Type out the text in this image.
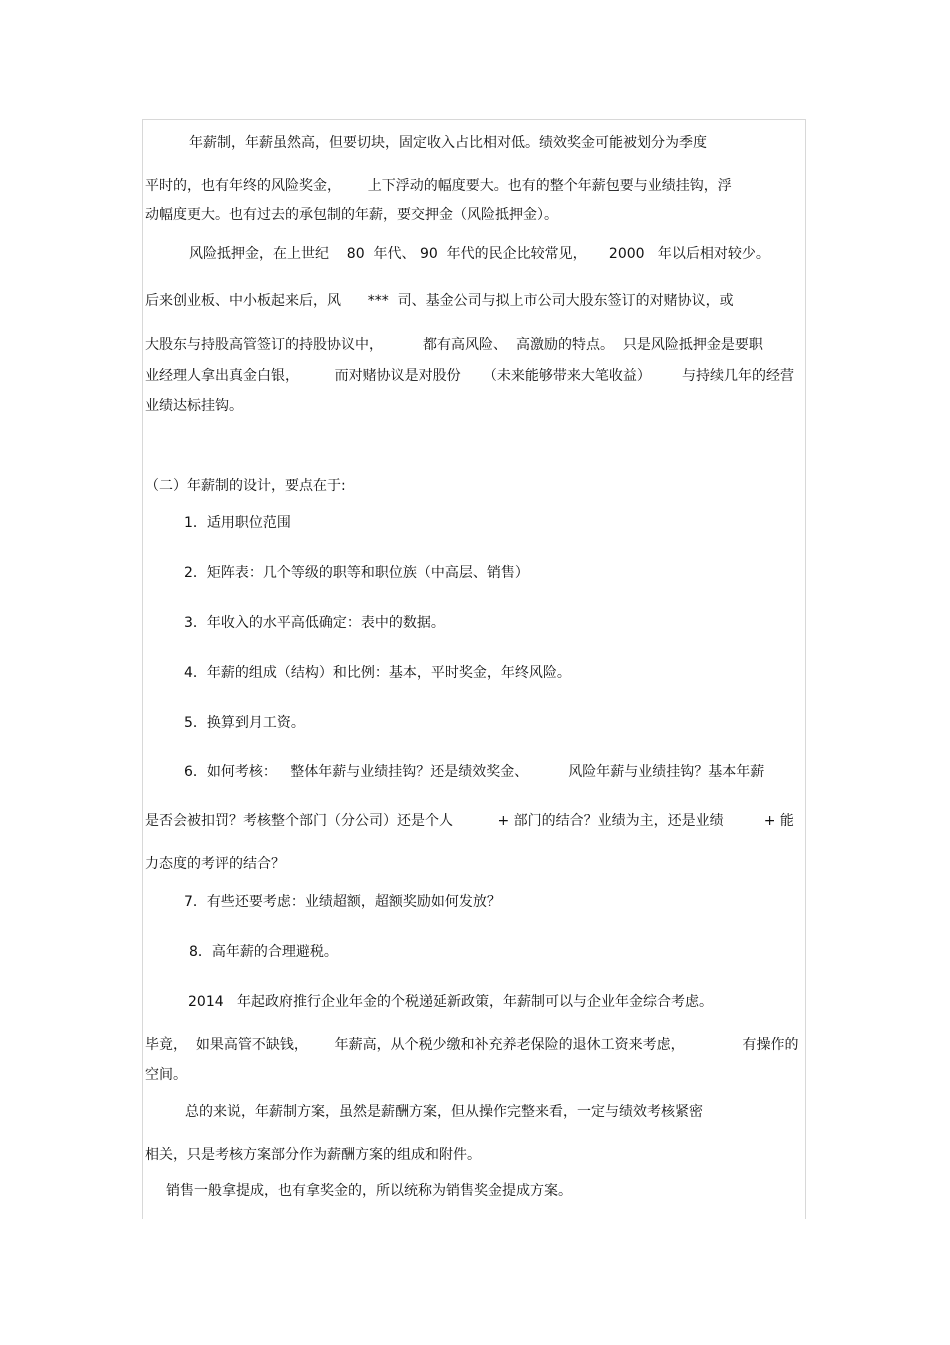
年薪制，年薪虽然高，但要切块，固定收入占比相对低。绩效奖金可能被划分为季度
平时的，也有年终的风险奖金，      上下浮动的幅度要大。也有的整个年薪包要与业绩挂钩，浮
动幅度更大。也有过去的承包制的年薪，要交押金（风险抵押金）。
风险抵押金，在上世纪    80  年代、 90  年代的民企比较常见，     2000   年以后相对较少。
后来创业板、中小板起来后，风      ***  司、基金公司与拟上市公司大股东签订的对赌协议，或
大股东与持股高管签订的持股协议中，         都有高风险、  高激励的特点。  只是风险抵押金是要职
业经理人拿出真金白银，        而对赌协议是对股份     （未来能够带来大笔收益）       与持续几年的经营
业绩达标挂钩。
（二）年薪制的设计，要点在于:
1．适用职位范围
2．矩阵表：几个等级的职等和职位族（中高层、销售）
3．年收入的水平高低确定：表中的数据。
4．年薪的组成（结构）和比例：基本，平时奖金，年终风险。
5．换算到月工资。
6．如何考核：   整体年薪与业绩挂钩？还是绩效奖金、         风险年薪与业绩挂钩？基本年薪
是否会被扣罚？考核整个部门（分公司）还是个人          + 部门的结合？业绩为主，还是业绩         + 能
力态度的考评的结合？
7．有些还要考虑：业绩超额，超额奖励如何发放？
8．高年薪的合理避税。
2014   年起政府推行企业年金的个税递延新政策，年薪制可以与企业年金综合考虑。
毕竟，  如果高管不缺钱，      年薪高，从个税少缴和补充养老保险的退休工资来考虑，             有操作的
空间。
总的来说，年薪制方案，虽然是薪酬方案，但从操作完整来看，一定与绩效考核紧密
相关，只是考核方案部分作为薪酬方案的组成和附件。
销售一般拿提成，也有拿奖金的，所以统称为销售奖金提成方案。
